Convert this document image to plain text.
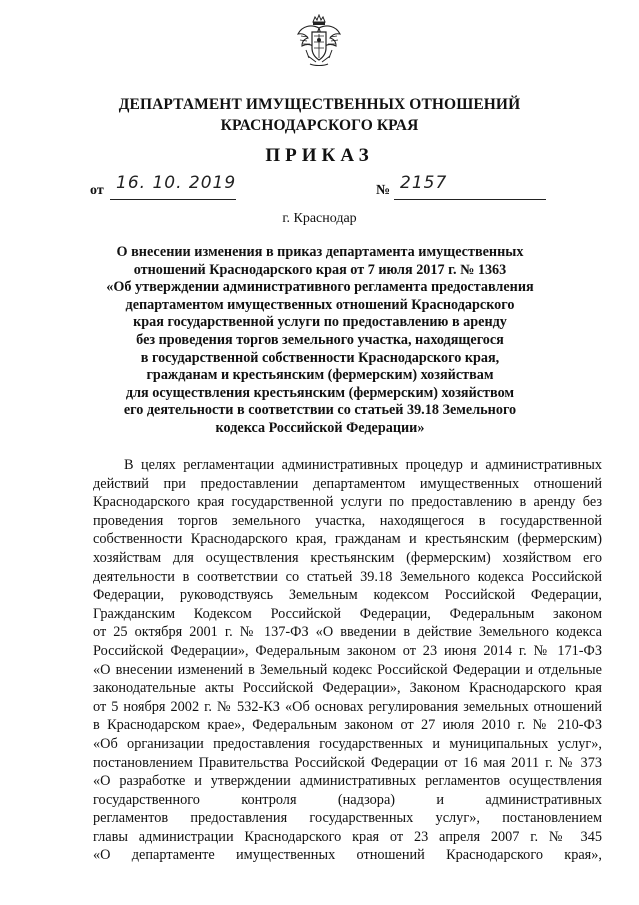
ДЕПАРТАМЕНТ ИМУЩЕСТВЕННЫХ ОТНОШЕНИЙ
КРАСНОДАРСКОГО КРАЯ
ПРИКАЗ
от 16. 10. 2019	№ 2157
г. Краснодар
О внесении изменения в приказ департамента имущественных
отношений Краснодарского края от 7 июля 2017 г. № 1363
«Об утверждении административного регламента предоставления
департаментом имущественных отношений Краснодарского
края государственной услуги по предоставлению в аренду
без проведения торгов земельного участка, находящегося
в государственной собственности Краснодарского края,
гражданам и крестьянским (фермерским) хозяйствам
для осуществления крестьянским (фермерским) хозяйством
его деятельности в соответствии со статьей 39.18 Земельного
кодекса Российской Федерации»
В целях регламентации административных процедур и административных
действий при предоставлении департаментом имущественных отношений
Краснодарского края государственной услуги по предоставлению в аренду без
проведения торгов земельного участка, находящегося в государственной
собственности Краснодарского края, гражданам и крестьянским (фермерским)
хозяйствам для осуществления крестьянским (фермерским) хозяйством его
деятельности в соответствии со статьей 39.18 Земельного кодекса Российской
Федерации, руководствуясь Земельным кодексом Российской Федерации,
Гражданским Кодексом Российской Федерации, Федеральным законом
от 25 октября 2001 г. № 137-ФЗ «О введении в действие Земельного кодекса
Российской Федерации», Федеральным законом от 23 июня 2014 г. № 171-ФЗ
«О внесении изменений в Земельный кодекс Российской Федерации и отдельные
законодательные акты Российской Федерации», Законом Краснодарского края
от 5 ноября 2002 г. № 532-КЗ «Об основах регулирования земельных отношений
в Краснодарском крае», Федеральным законом от 27 июля 2010 г. № 210-ФЗ
«Об организации предоставления государственных и муниципальных услуг»,
постановлением Правительства Российской Федерации от 16 мая 2011 г. № 373
«О разработке и утверждении административных регламентов осуществления
государственного контроля (надзора) и административных
регламентов предоставления государственных услуг», постановлением
главы администрации Краснодарского края от 23 апреля 2007 г. № 345
«О департаменте имущественных отношений Краснодарского края»,
